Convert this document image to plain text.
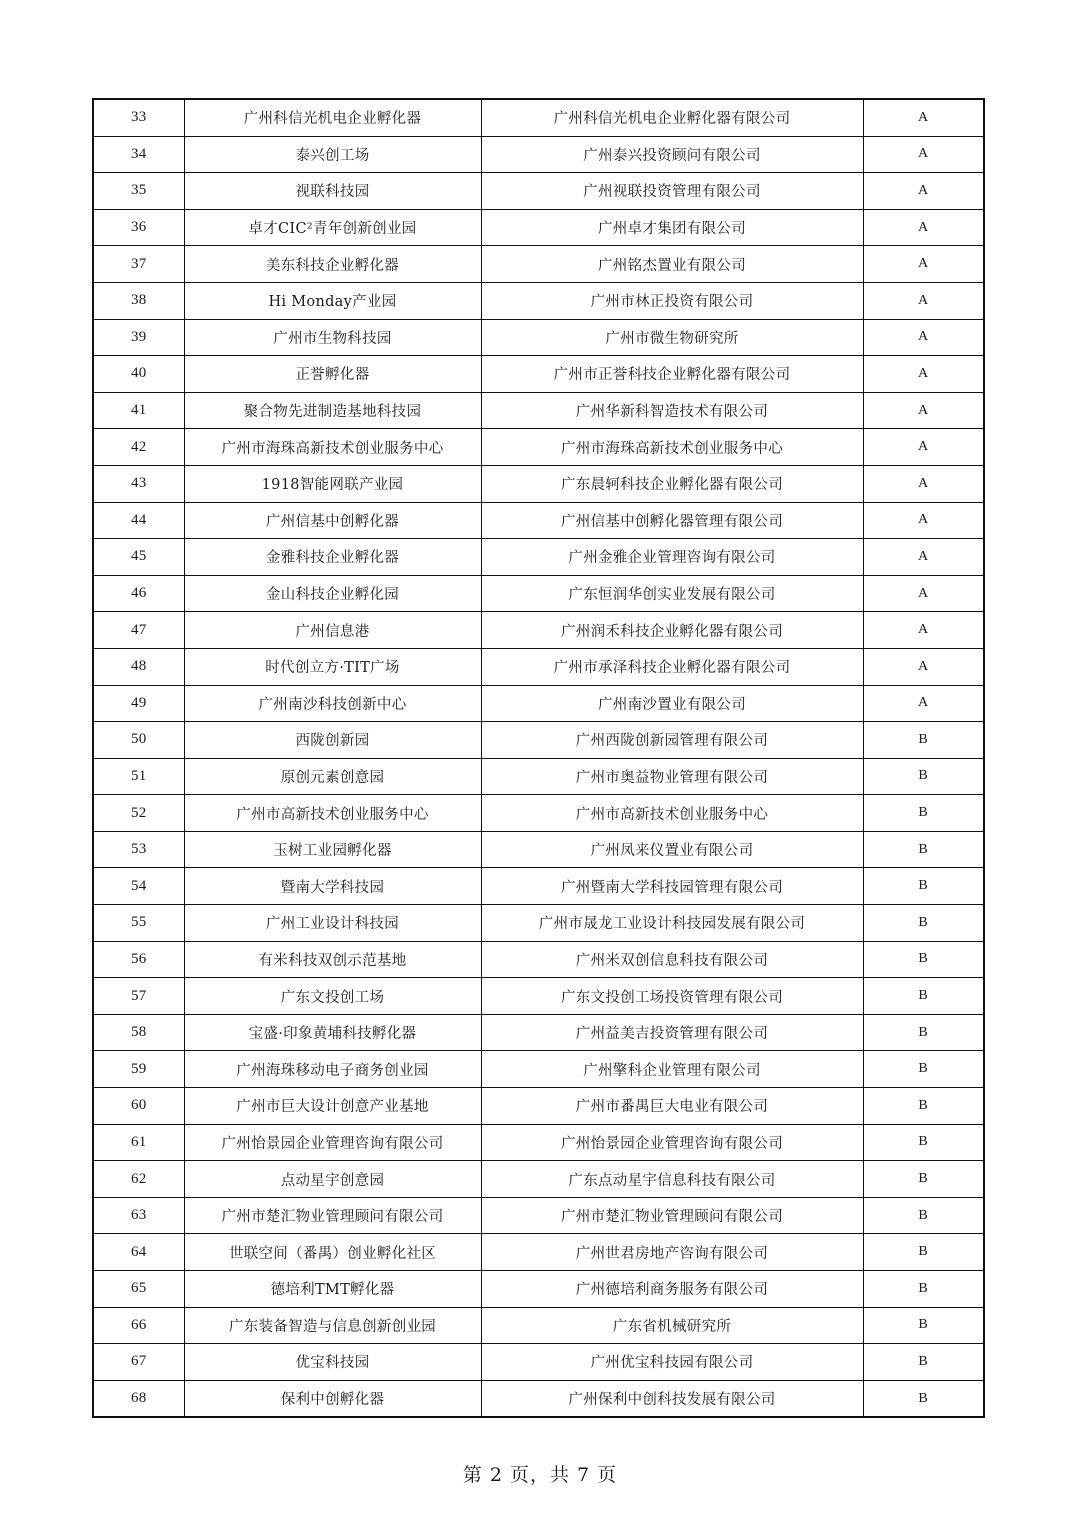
33	广州科信光机电企业孵化器	广州科信光机电企业孵化器有限公司	A
34	泰兴创工场	广州泰兴投资顾问有限公司	A
35	视联科技园	广州视联投资管理有限公司	A
36	卓才CIC²青年创新创业园	广州卓才集团有限公司	A
37	美东科技企业孵化器	广州铭杰置业有限公司	A
38	Hi Monday产业园	广州市林正投资有限公司	A
39	广州市生物科技园	广州市微生物研究所	A
40	正誉孵化器	广州市正誉科技企业孵化器有限公司	A
41	聚合物先进制造基地科技园	广州华新科智造技术有限公司	A
42	广州市海珠高新技术创业服务中心	广州市海珠高新技术创业服务中心	A
43	1918智能网联产业园	广东晨轲科技企业孵化器有限公司	A
44	广州信基中创孵化器	广州信基中创孵化器管理有限公司	A
45	金雅科技企业孵化器	广州金雅企业管理咨询有限公司	A
46	金山科技企业孵化园	广东恒润华创实业发展有限公司	A
47	广州信息港	广州润禾科技企业孵化器有限公司	A
48	时代创立方·TIT广场	广州市承泽科技企业孵化器有限公司	A
49	广州南沙科技创新中心	广州南沙置业有限公司	A
50	西陇创新园	广州西陇创新园管理有限公司	B
51	原创元素创意园	广州市奥益物业管理有限公司	B
52	广州市高新技术创业服务中心	广州市高新技术创业服务中心	B
53	玉树工业园孵化器	广州凤来仪置业有限公司	B
54	暨南大学科技园	广州暨南大学科技园管理有限公司	B
55	广州工业设计科技园	广州市晟龙工业设计科技园发展有限公司	B
56	有米科技双创示范基地	广州米双创信息科技有限公司	B
57	广东文投创工场	广东文投创工场投资管理有限公司	B
58	宝盛·印象黄埔科技孵化器	广州益美吉投资管理有限公司	B
59	广州海珠移动电子商务创业园	广州擎科企业管理有限公司	B
60	广州市巨大设计创意产业基地	广州市番禺巨大电业有限公司	B
61	广州怡景园企业管理咨询有限公司	广州怡景园企业管理咨询有限公司	B
62	点动星宇创意园	广东点动星宇信息科技有限公司	B
63	广州市楚汇物业管理顾问有限公司	广州市楚汇物业管理顾问有限公司	B
64	世联空间（番禺）创业孵化社区	广州世君房地产咨询有限公司	B
65	德培利TMT孵化器	广州德培利商务服务有限公司	B
66	广东装备智造与信息创新创业园	广东省机械研究所	B
67	优宝科技园	广州优宝科技园有限公司	B
68	保利中创孵化器	广州保利中创科技发展有限公司	B
第 2 页，共 7 页
